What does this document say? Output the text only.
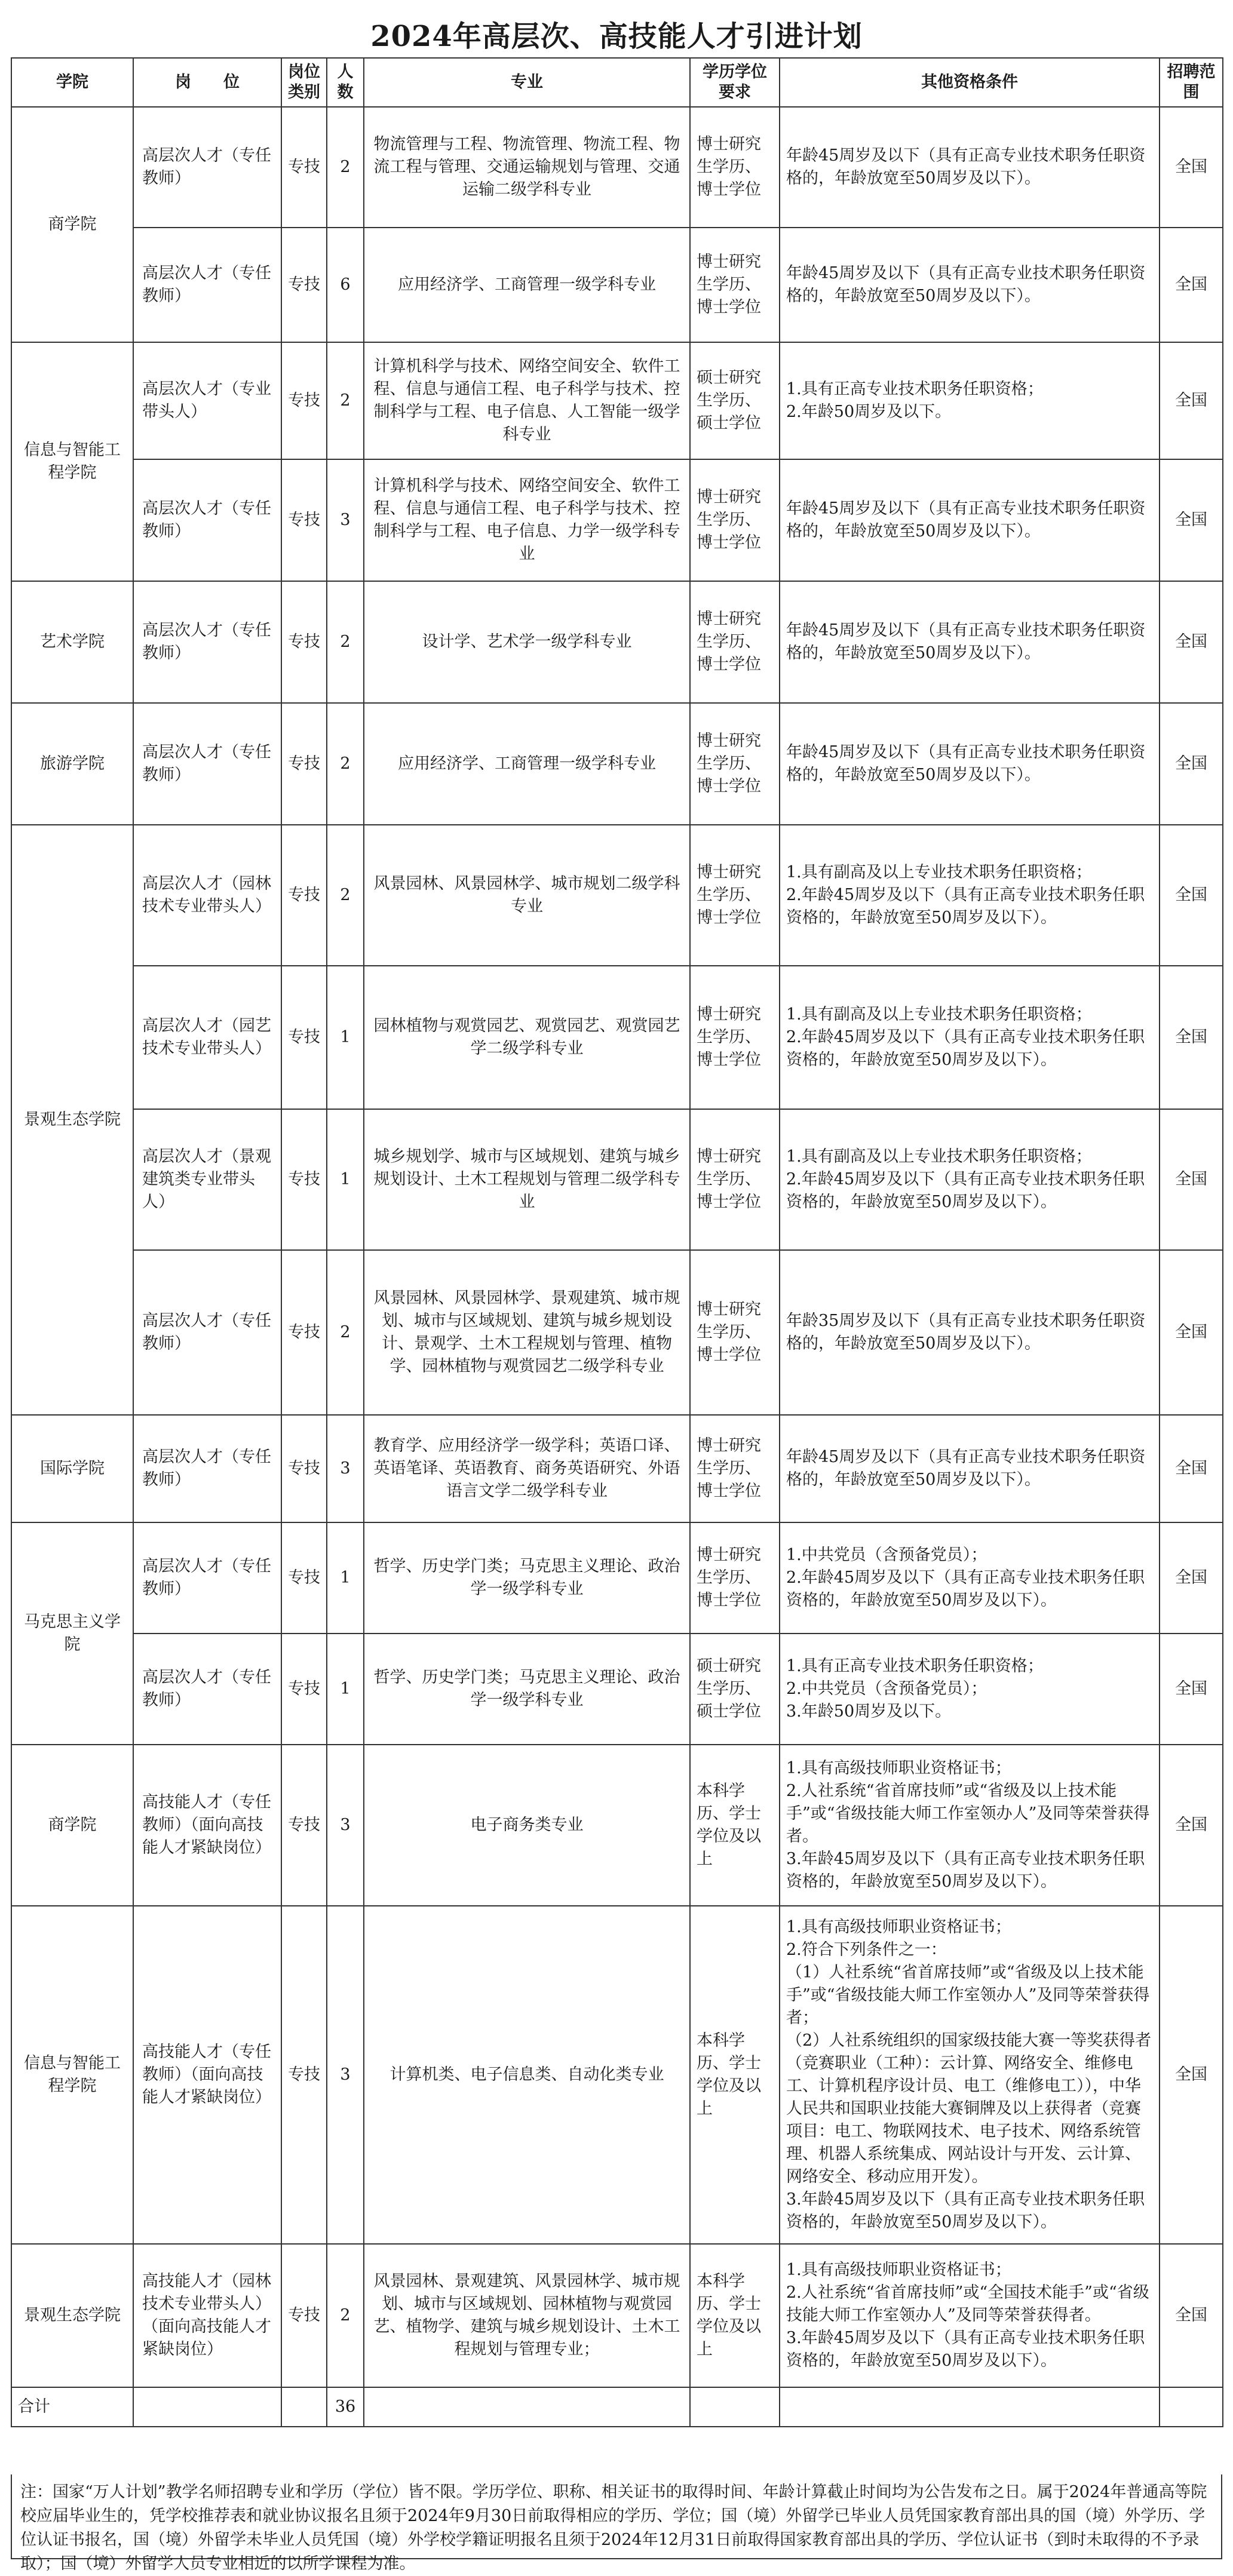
2024年高层次、高技能人才引进计划
学院	岗　　位	岗位类别	人数	专业	学历学位要求	其他资格条件	招聘范围
商学院	高层次人才（专任教师）	专技	2	物流管理与工程、物流管理、物流工程、物流工程与管理、交通运输规划与管理、交通运输二级学科专业	博士研究生学历、博士学位	年龄45周岁及以下（具有正高专业技术职务任职资格的，年龄放宽至50周岁及以下）。	全国
	高层次人才（专任教师）	专技	6	应用经济学、工商管理一级学科专业	博士研究生学历、博士学位	年龄45周岁及以下（具有正高专业技术职务任职资格的，年龄放宽至50周岁及以下）。	全国
信息与智能工程学院	高层次人才（专业带头人）	专技	2	计算机科学与技术、网络空间安全、软件工程、信息与通信工程、电子科学与技术、控制科学与工程、电子信息、人工智能一级学科专业	硕士研究生学历、硕士学位	1.具有正高专业技术职务任职资格；
2.年龄50周岁及以下。	全国
	高层次人才（专任教师）	专技	3	计算机科学与技术、网络空间安全、软件工程、信息与通信工程、电子科学与技术、控制科学与工程、电子信息、力学一级学科专业	博士研究生学历、博士学位	年龄45周岁及以下（具有正高专业技术职务任职资格的，年龄放宽至50周岁及以下）。	全国
艺术学院	高层次人才（专任教师）	专技	2	设计学、艺术学一级学科专业	博士研究生学历、博士学位	年龄45周岁及以下（具有正高专业技术职务任职资格的，年龄放宽至50周岁及以下）。	全国
旅游学院	高层次人才（专任教师）	专技	2	应用经济学、工商管理一级学科专业	博士研究生学历、博士学位	年龄45周岁及以下（具有正高专业技术职务任职资格的，年龄放宽至50周岁及以下）。	全国
景观生态学院	高层次人才（园林技术专业带头人）	专技	2	风景园林、风景园林学、城市规划二级学科专业	博士研究生学历、博士学位	1.具有副高及以上专业技术职务任职资格；
2.年龄45周岁及以下（具有正高专业技术职务任职资格的，年龄放宽至50周岁及以下）。	全国
	高层次人才（园艺技术专业带头人）	专技	1	园林植物与观赏园艺、观赏园艺、观赏园艺学二级学科专业	博士研究生学历、博士学位	1.具有副高及以上专业技术职务任职资格；
2.年龄45周岁及以下（具有正高专业技术职务任职资格的，年龄放宽至50周岁及以下）。	全国
	高层次人才（景观建筑类专业带头人）	专技	1	城乡规划学、城市与区域规划、建筑与城乡规划设计、土木工程规划与管理二级学科专业	博士研究生学历、博士学位	1.具有副高及以上专业技术职务任职资格；
2.年龄45周岁及以下（具有正高专业技术职务任职资格的，年龄放宽至50周岁及以下）。	全国
	高层次人才（专任教师）	专技	2	风景园林、风景园林学、景观建筑、城市规划、城市与区域规划、建筑与城乡规划设计、景观学、土木工程规划与管理、植物学、园林植物与观赏园艺二级学科专业	博士研究生学历、博士学位	年龄35周岁及以下（具有正高专业技术职务任职资格的，年龄放宽至50周岁及以下）。	全国
国际学院	高层次人才（专任教师）	专技	3	教育学、应用经济学一级学科；英语口译、英语笔译、英语教育、商务英语研究、外语语言文学二级学科专业	博士研究生学历、博士学位	年龄45周岁及以下（具有正高专业技术职务任职资格的，年龄放宽至50周岁及以下）。	全国
马克思主义学院	高层次人才（专任教师）	专技	1	哲学、历史学门类；马克思主义理论、政治学一级学科专业	博士研究生学历、博士学位	1.中共党员（含预备党员）；
2.年龄45周岁及以下（具有正高专业技术职务任职资格的，年龄放宽至50周岁及以下）。	全国
	高层次人才（专任教师）	专技	1	哲学、历史学门类；马克思主义理论、政治学一级学科专业	硕士研究生学历、硕士学位	1.具有正高专业技术职务任职资格；
2.中共党员（含预备党员）；
3.年龄50周岁及以下。	全国
商学院	高技能人才（专任教师）（面向高技能人才紧缺岗位）	专技	3	电子商务类专业	本科学历、学士学位及以上	1.具有高级技师职业资格证书；
2.人社系统“省首席技师”或“省级及以上技术能手”或“省级技能大师工作室领办人”及同等荣誉获得者。
3.年龄45周岁及以下（具有正高专业技术职务任职资格的，年龄放宽至50周岁及以下）。	全国
信息与智能工程学院	高技能人才（专任教师）（面向高技能人才紧缺岗位）	专技	3	计算机类、电子信息类、自动化类专业	本科学历、学士学位及以上	1.具有高级技师职业资格证书；
2.符合下列条件之一：
（1）人社系统“省首席技师”或“省级及以上技术能手”或“省级技能大师工作室领办人”及同等荣誉获得者；
（2）人社系统组织的国家级技能大赛一等奖获得者（竞赛职业（工种）：云计算、网络安全、维修电工、计算机程序设计员、电工（维修电工）），中华人民共和国职业技能大赛铜牌及以上获得者（竞赛项目：电工、物联网技术、电子技术、网络系统管理、机器人系统集成、网站设计与开发、云计算、网络安全、移动应用开发）。
3.年龄45周岁及以下（具有正高专业技术职务任职资格的，年龄放宽至50周岁及以下）。	全国
景观生态学院	高技能人才（园林技术专业带头人）（面向高技能人才紧缺岗位）	专技	2	风景园林、景观建筑、风景园林学、城市规划、城市与区域规划、园林植物与观赏园艺、植物学、建筑与城乡规划设计、土木工程规划与管理专业；	本科学历、学士学位及以上	1.具有高级技师职业资格证书；
2.人社系统“省首席技师”或“全国技术能手”或“省级技能大师工作室领办人”及同等荣誉获得者。
3.年龄45周岁及以下（具有正高专业技术职务任职资格的，年龄放宽至50周岁及以下）。	全国
合计			36				

注：国家“万人计划”教学名师招聘专业和学历（学位）皆不限。学历学位、职称、相关证书的取得时间、年龄计算截止时间均为公告发布之日。属于2024年普通高等院校应届毕业生的，凭学校推荐表和就业协议报名且须于2024年9月30日前取得相应的学历、学位；国（境）外留学已毕业人员凭国家教育部出具的国（境）外学历、学位认证书报名，国（境）外留学未毕业人员凭国（境）外学校学籍证明报名且须于2024年12月31日前取得国家教育部出具的学历、学位认证书（到时未取得的不予录取）；国（境）外留学人员专业相近的以所学课程为准。
